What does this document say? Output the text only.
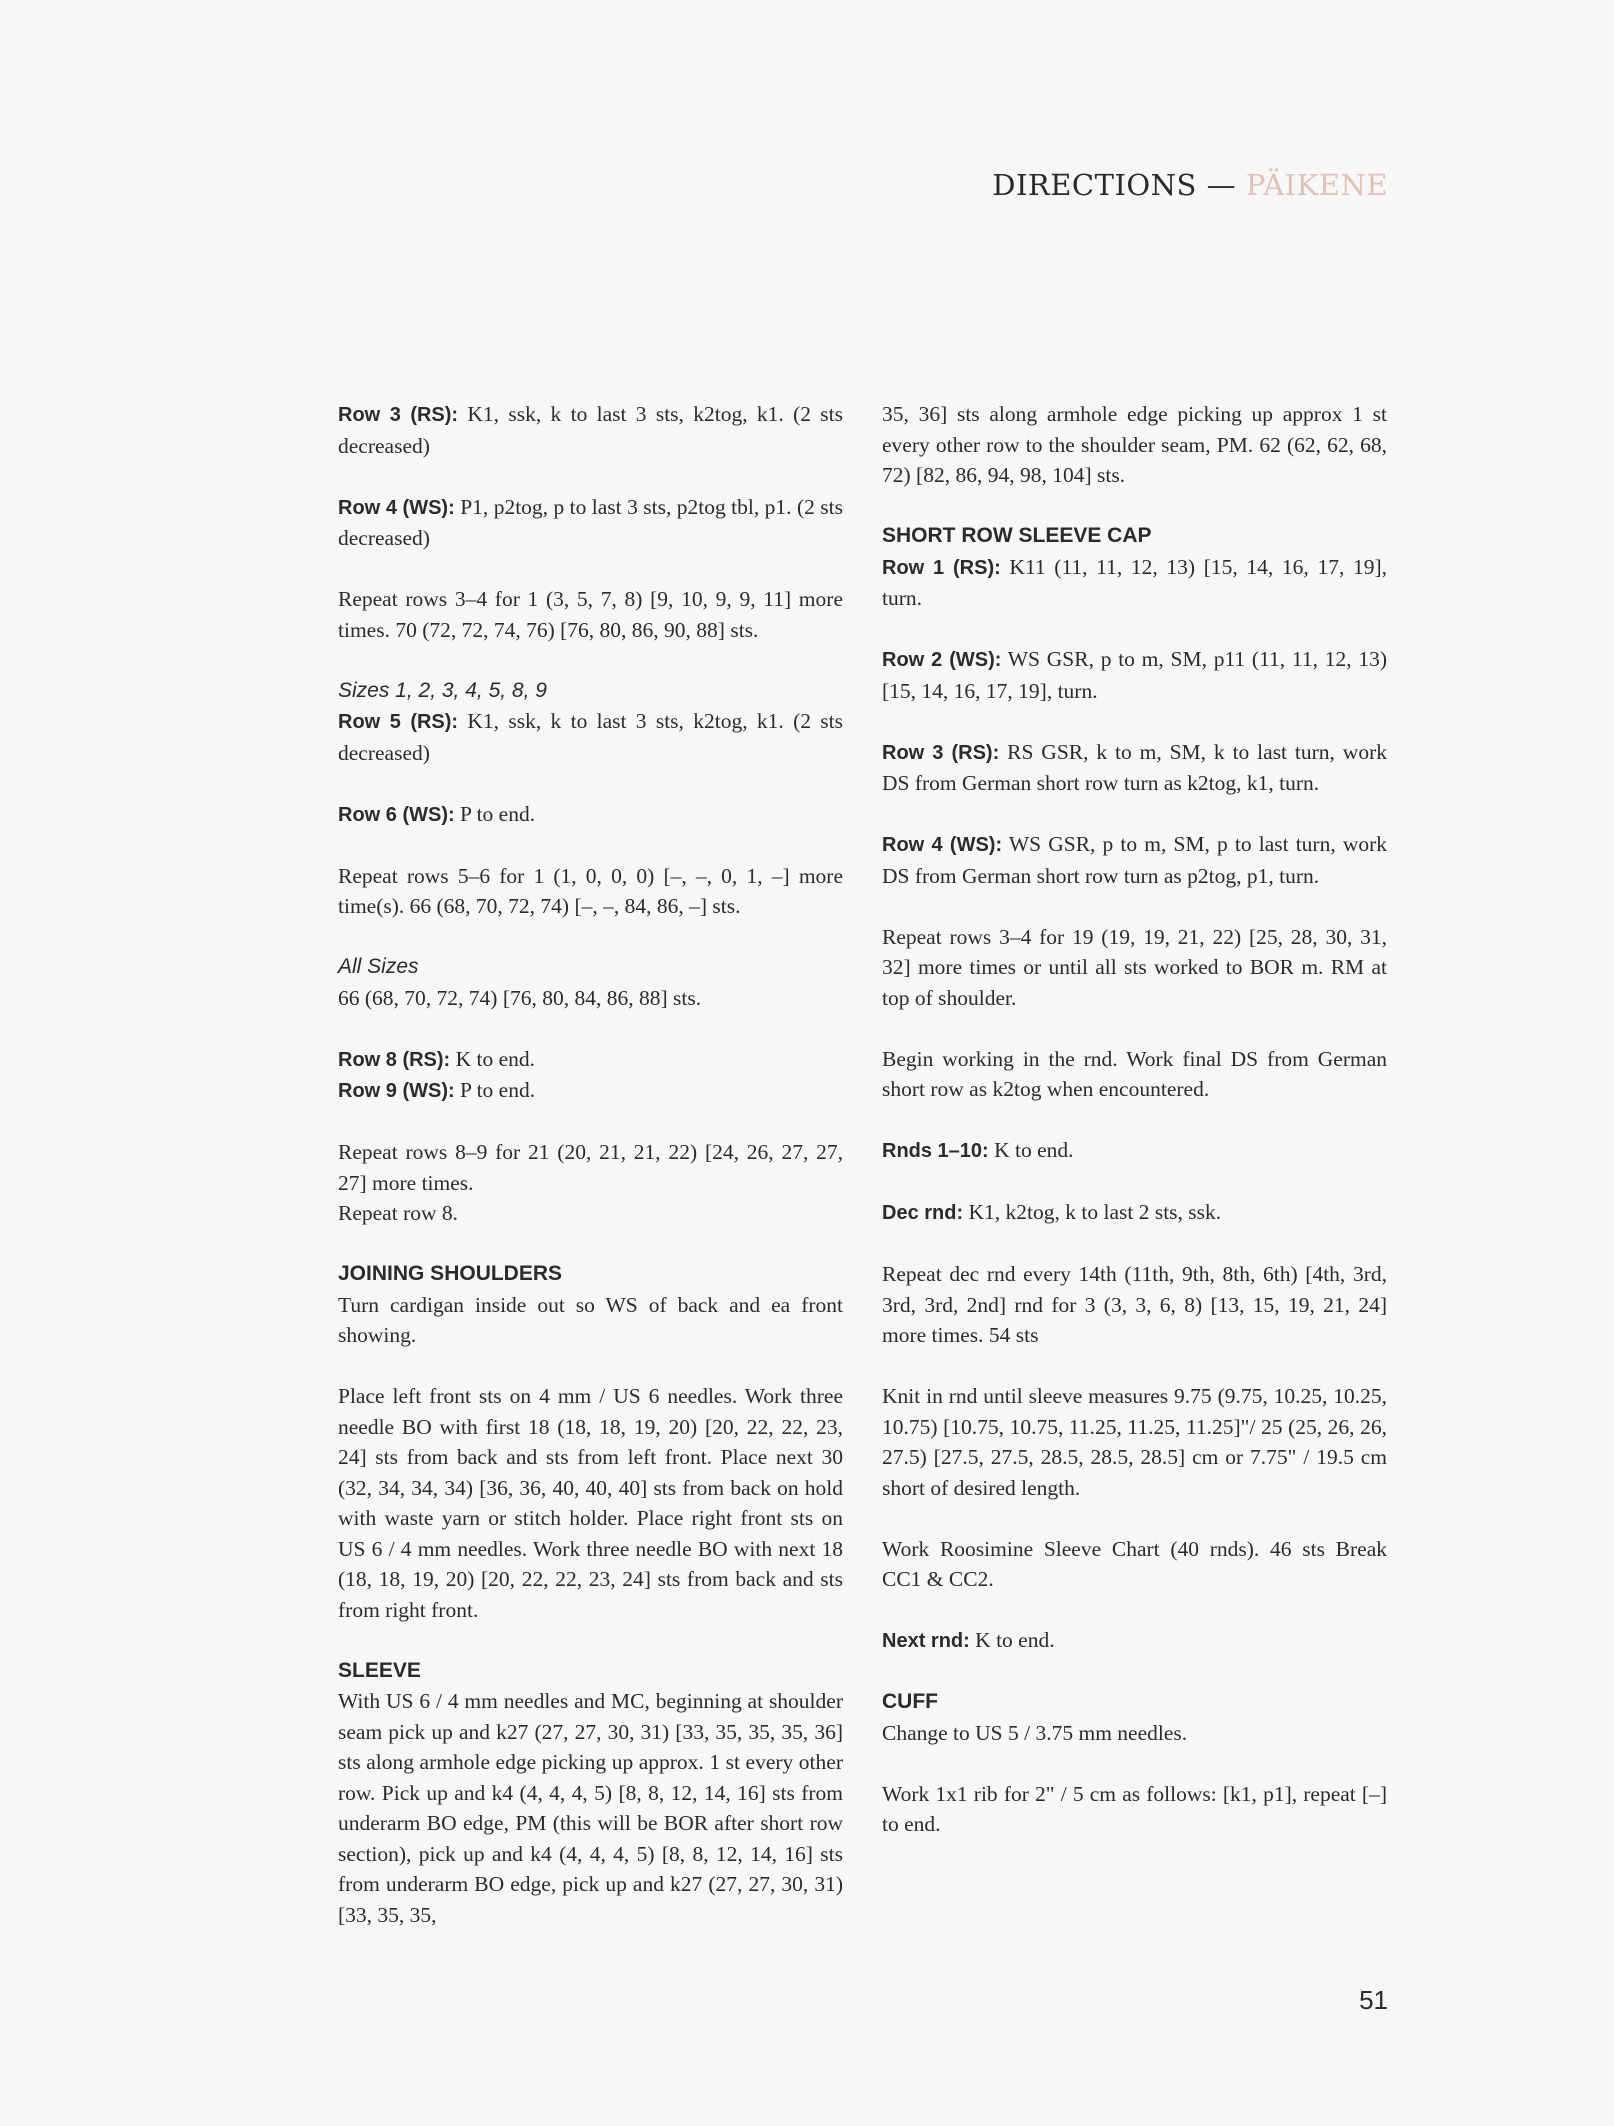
DIRECTIONS — PÄIKENE

Row 3 (RS): K1, ssk, k to last 3 sts, k2tog, k1. (2 sts decreased)

Row 4 (WS): P1, p2tog, p to last 3 sts, p2tog tbl, p1. (2 sts decreased)

Repeat rows 3–4 for 1 (3, 5, 7, 8) [9, 10, 9, 9, 11] more times. 70 (72, 72, 74, 76) [76, 80, 86, 90, 88] sts.

Sizes 1, 2, 3, 4, 5, 8, 9

Row 5 (RS): K1, ssk, k to last 3 sts, k2tog, k1. (2 sts decreased)

Row 6 (WS): P to end.

Repeat rows 5–6 for 1 (1, 0, 0, 0) [–, –, 0, 1, –] more time(s). 66 (68, 70, 72, 74) [–, –, 84, 86, –] sts.

All Sizes

66 (68, 70, 72, 74) [76, 80, 84, 86, 88] sts.

Row 8 (RS): K to end.

Row 9 (WS): P to end.

Repeat rows 8–9 for 21 (20, 21, 21, 22) [24, 26, 27, 27, 27] more times.

Repeat row 8.

JOINING SHOULDERS

Turn cardigan inside out so WS of back and ea front showing.

Place left front sts on 4 mm / US 6 needles. Work three needle BO with first 18 (18, 18, 19, 20) [20, 22, 22, 23, 24] sts from back and sts from left front. Place next 30 (32, 34, 34, 34) [36, 36, 40, 40, 40] sts from back on hold with waste yarn or stitch holder. Place right front sts on US 6 / 4 mm needles. Work three needle BO with next 18 (18, 18, 19, 20) [20, 22, 22, 23, 24] sts from back and sts from right front.

SLEEVE

With US 6 / 4 mm needles and MC, beginning at shoulder seam pick up and k27 (27, 27, 30, 31) [33, 35, 35, 35, 36] sts along armhole edge picking up approx. 1 st every other row. Pick up and k4 (4, 4, 4, 5) [8, 8, 12, 14, 16] sts from underarm BO edge, PM (this will be BOR after short row section), pick up and k4 (4, 4, 4, 5) [8, 8, 12, 14, 16] sts from underarm BO edge, pick up and k27 (27, 27, 30, 31) [33, 35, 35,

35, 36] sts along armhole edge picking up approx 1 st every other row to the shoulder seam, PM. 62 (62, 62, 68, 72) [82, 86, 94, 98, 104] sts.

SHORT ROW SLEEVE CAP

Row 1 (RS): K11 (11, 11, 12, 13) [15, 14, 16, 17, 19], turn.

Row 2 (WS): WS GSR, p to m, SM, p11 (11, 11, 12, 13) [15, 14, 16, 17, 19], turn.

Row 3 (RS): RS GSR, k to m, SM, k to last turn, work DS from German short row turn as k2tog, k1, turn.

Row 4 (WS): WS GSR, p to m, SM, p to last turn, work DS from German short row turn as p2tog, p1, turn.

Repeat rows 3–4 for 19 (19, 19, 21, 22) [25, 28, 30, 31, 32] more times or until all sts worked to BOR m. RM at top of shoulder.

Begin working in the rnd. Work final DS from German short row as k2tog when encountered.

Rnds 1–10: K to end.

Dec rnd: K1, k2tog, k to last 2 sts, ssk.

Repeat dec rnd every 14th (11th, 9th, 8th, 6th) [4th, 3rd, 3rd, 3rd, 2nd] rnd for 3 (3, 3, 6, 8) [13, 15, 19, 21, 24] more times. 54 sts

Knit in rnd until sleeve measures 9.75 (9.75, 10.25, 10.25, 10.75) [10.75, 10.75, 11.25, 11.25, 11.25]"/ 25 (25, 26, 26, 27.5) [27.5, 27.5, 28.5, 28.5, 28.5] cm or 7.75" / 19.5 cm short of desired length.

Work Roosimine Sleeve Chart (40 rnds). 46 sts Break CC1 & CC2.

Next rnd: K to end.

CUFF

Change to US 5 / 3.75 mm needles.

Work 1x1 rib for 2" / 5 cm as follows: [k1, p1], repeat [–] to end.

51
